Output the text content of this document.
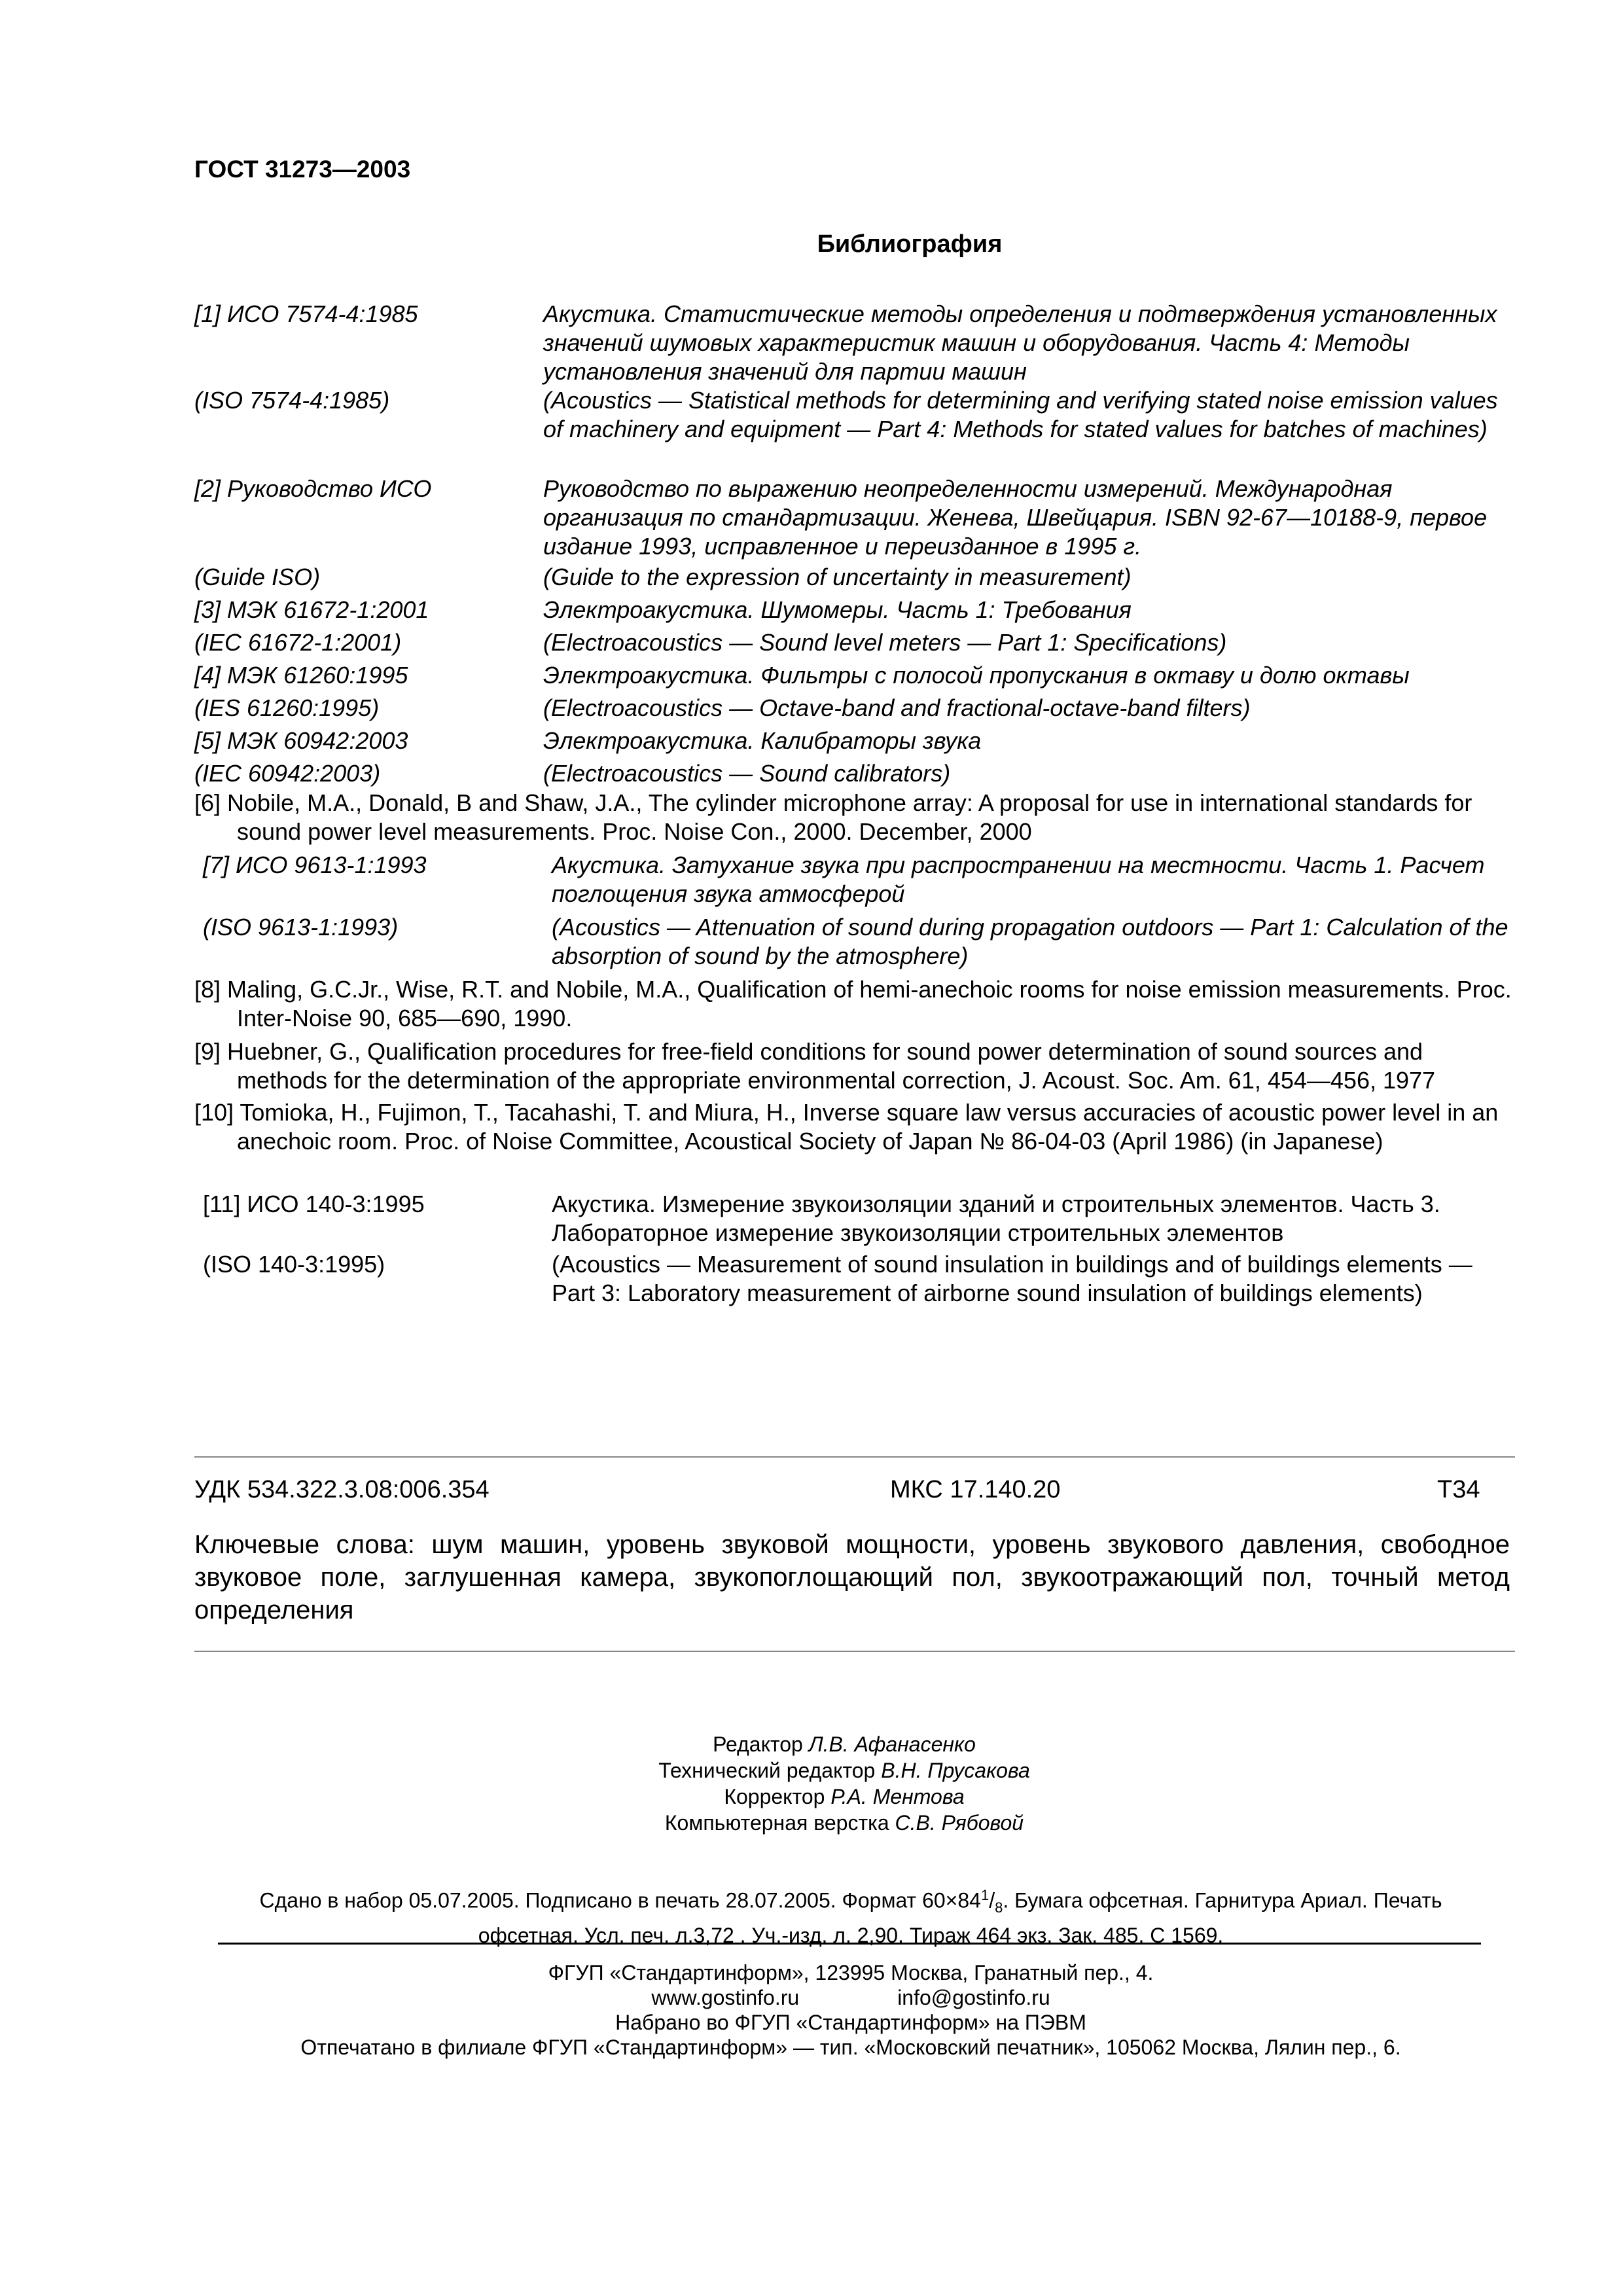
ГОСТ 31273—2003
Библиография
[1] ИСО 7574-4:1985	Акустика. Статистические методы определения и подтверждения установленных значений шумовых характеристик машин и оборудования. Часть 4: Методы установления значений для партии машин
(ISO 7574-4:1985)	(Acoustics — Statistical methods for determining and verifying stated noise emission values of machinery and equipment — Part 4: Methods for stated values for batches of machines)
[2] Руководство ИСО	Руководство по выражению неопределенности измерений. Международная организация по стандартизации. Женева, Швейцария. ISBN 92-67—10188-9, первое издание 1993, исправленное и переизданное в 1995 г.
(Guide ISO)	(Guide to the expression of uncertainty in measurement)
[3] МЭК 61672-1:2001	Электроакустика. Шумомеры. Часть 1: Требования
(IEC 61672-1:2001)	(Electroacoustics — Sound level meters — Part 1: Specifications)
[4] МЭК 61260:1995	Электроакустика. Фильтры с полосой пропускания в октаву и долю октавы
(IES 61260:1995)	(Electroacoustics — Octave-band and fractional-octave-band filters)
[5] МЭК 60942:2003	Электроакустика. Калибраторы звука
(IEC 60942:2003)	(Electroacoustics — Sound calibrators)
[6] Nobile, M.A., Donald, B and Shaw, J.A., The cylinder microphone array: A proposal for use in international standards for sound power level measurements. Proc. Noise Con., 2000. December, 2000
[7] ИСО 9613-1:1993	Акустика. Затухание звука при распространении на местности. Часть 1. Расчет поглощения звука атмосферой
(ISO 9613-1:1993)	(Acoustics — Attenuation of sound during propagation outdoors — Part 1: Calculation of the absorption of sound by the atmosphere)
[8] Maling, G.C.Jr., Wise, R.T. and Nobile, M.A., Qualification of hemi-anechoic rooms for noise emission measurements. Proc. Inter-Noise 90, 685—690, 1990.
[9] Huebner, G., Qualification procedures for free-field conditions for sound power determination of sound sources and methods for the determination of the appropriate environmental correction, J. Acoust. Soc. Am. 61, 454—456, 1977
[10] Tomioka, H., Fujimon, T., Tacahashi, T. and Miura, H., Inverse square law versus accuracies of acoustic power level in an anechoic room. Proc. of Noise Committee, Acoustical Society of Japan № 86-04-03 (April 1986) (in Japanese)
[11] ИСО 140-3:1995	Акустика. Измерение звукоизоляции зданий и строительных элементов. Часть 3. Лабораторное измерение звукоизоляции строительных элементов
(ISO 140-3:1995)	(Acoustics — Measurement of sound insulation in buildings and of buildings elements — Part 3: Laboratory measurement of airborne sound insulation of buildings elements)
УДК 534.322.3.08:006.354	МКС 17.140.20	Т34
Ключевые слова: шум машин, уровень звуковой мощности, уровень звукового давления, свободное звуковое поле, заглушенная камера, звукопоглощающий пол, звукоотражающий пол, точный метод определения
Редактор Л.В. Афанасенко
Технический редактор В.Н. Прусакова
Корректор Р.А. Ментова
Компьютерная верстка С.В. Рябовой
Сдано в набор 05.07.2005. Подписано в печать 28.07.2005. Формат $60\times 84^1/_8$. Бумага офсетная. Гарнитура Ариал. Печать офсетная. Усл. печ. л.3,72 . Уч.-изд. л. 2,90. Тираж 464 экз. Зак. 485. С 1569.
ФГУП «Стандартинформ», 123995 Москва, Гранатный пер., 4.
www.gostinfo.ru	info@gostinfo.ru
Набрано во ФГУП «Стандартинформ» на ПЭВМ
Отпечатано в филиале ФГУП «Стандартинформ» — тип. «Московский печатник», 105062 Москва, Лялин пер., 6.
